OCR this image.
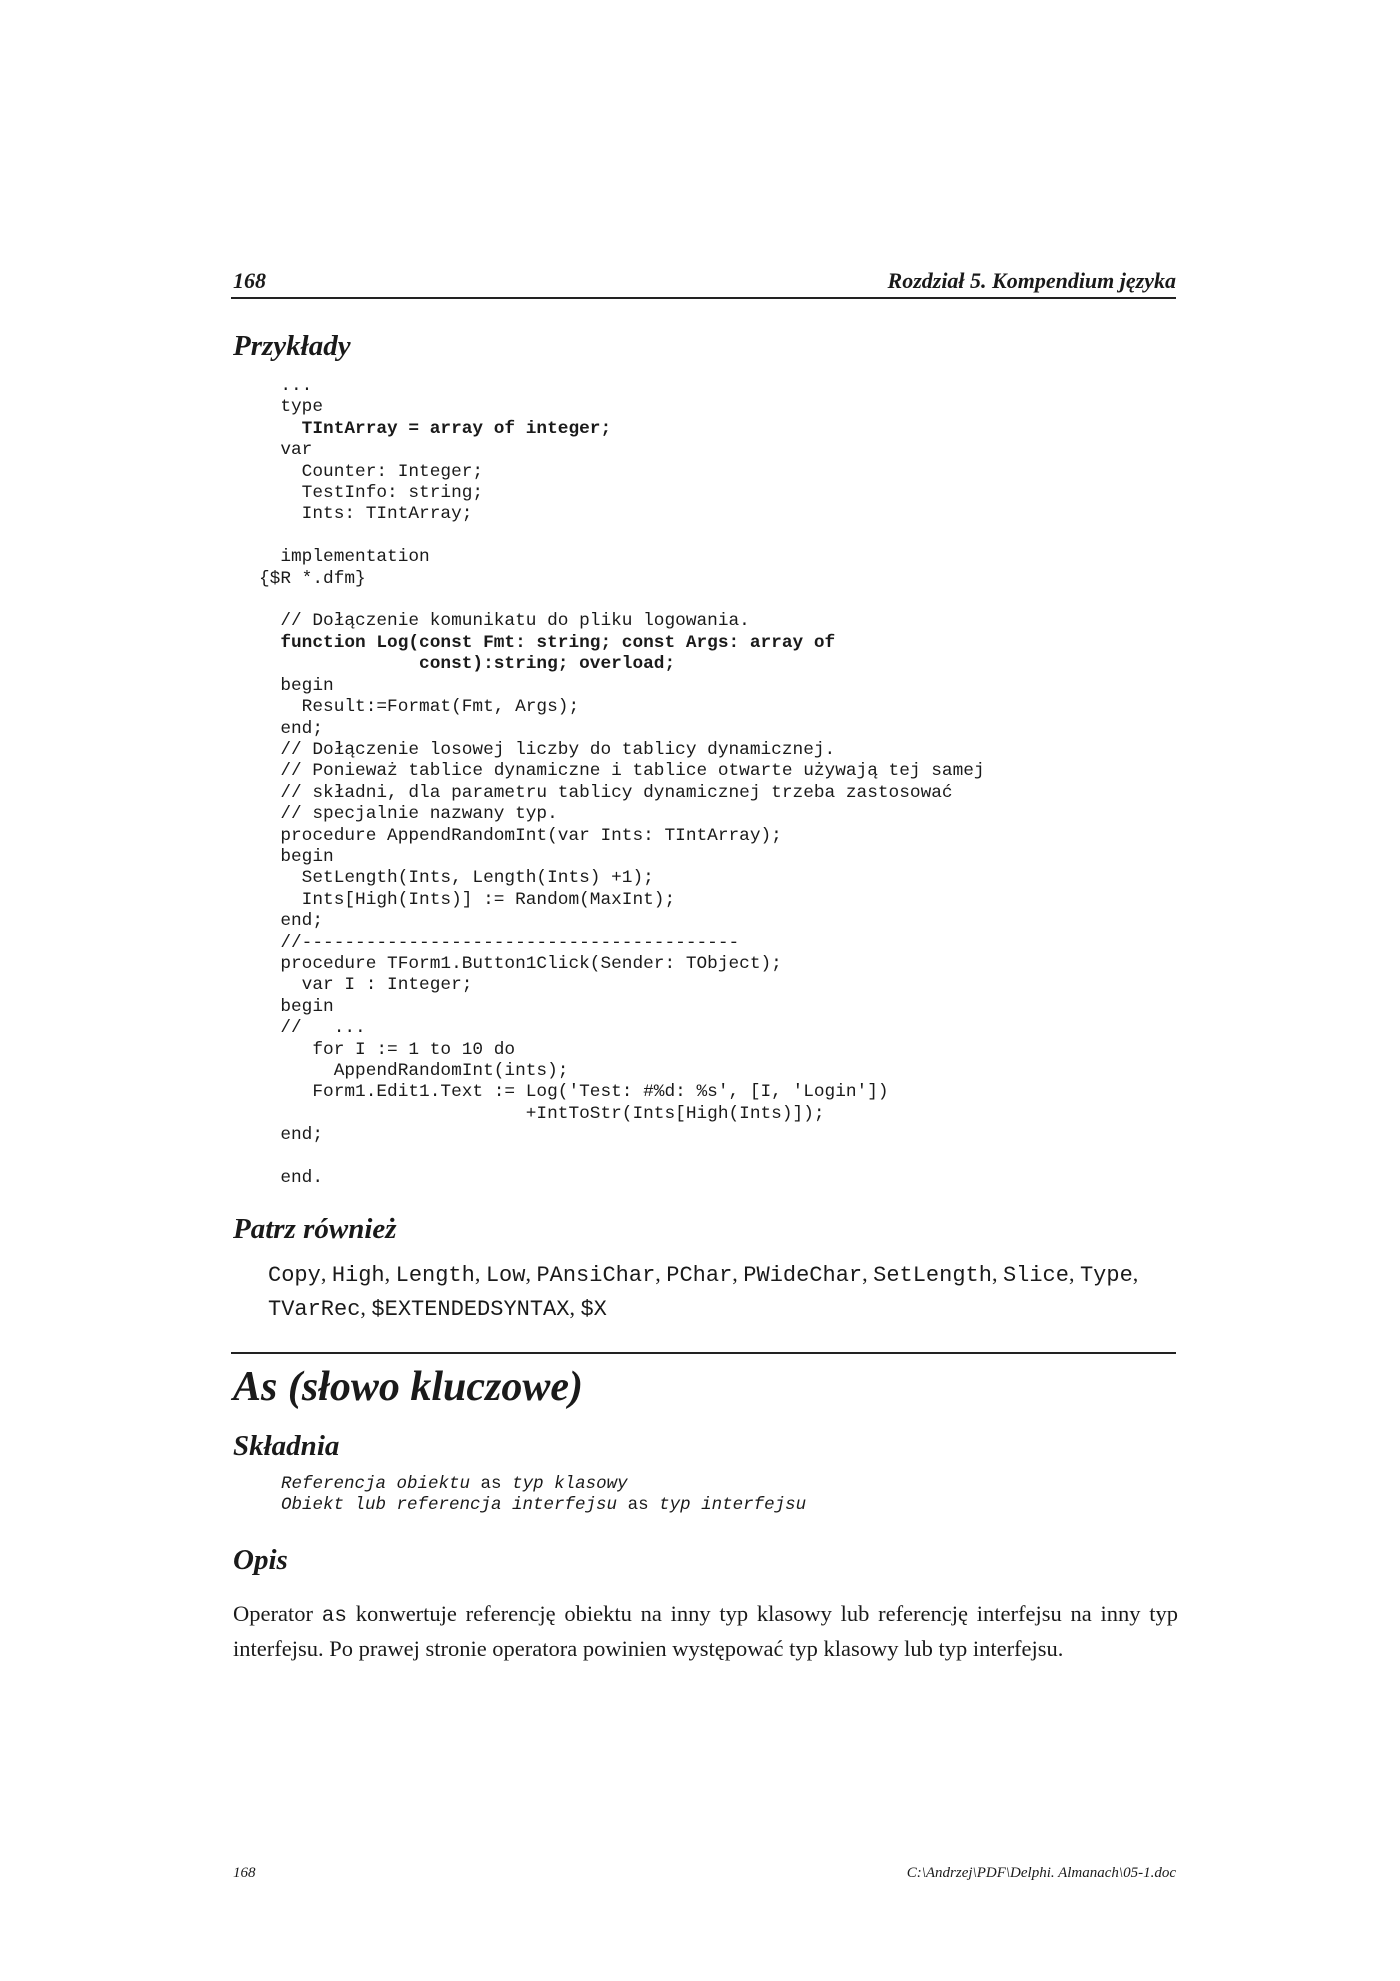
168	Rozdział 5. Kompendium języka
Przykłady
...
type
TIntArray = array of integer;
var
Counter: Integer;
TestInfo: string;
Ints: TIntArray;

implementation
{$R *.dfm}

// Dołączenie komunikatu do pliku logowania.
function Log(const Fmt: string; const Args: array of
const):string; overload;
begin
Result:=Format(Fmt, Args);
end;
// Dołączenie losowej liczby do tablicy dynamicznej.
// Ponieważ tablice dynamiczne i tablice otwarte używają tej samej
// składni, dla parametru tablicy dynamicznej trzeba zastosować
// specjalnie nazwany typ.
procedure AppendRandomInt(var Ints: TIntArray);
begin
SetLength(Ints, Length(Ints) +1);
Ints[High(Ints)] := Random(MaxInt);
end;
//-----------------------------------------
procedure TForm1.Button1Click(Sender: TObject);
var I : Integer;
begin
//   ...
for I := 1 to 10 do
AppendRandomInt(ints);
Form1.Edit1.Text := Log('Test: #%d: %s', [I, 'Login'])
+IntToStr(Ints[High(Ints)]);
end;

end.

Patrz również
Copy, High, Length, Low, PAnsiChar, PChar, PWideChar, SetLength, Slice, Type, TVarRec, $EXTENDEDSYNTAX, $X
As (słowo kluczowe)
Składnia
Referencja obiektu as typ klasowy
Obiekt lub referencja interfejsu as typ interfejsu

Opis
Operator as konwertuje referencję obiektu na inny typ klasowy lub referencję interfejsu na inny typ interfejsu. Po prawej stronie operatora powinien występować typ klasowy lub typ interfejsu.
168	C:\Andrzej\PDF\Delphi. Almanach\05-1.doc
